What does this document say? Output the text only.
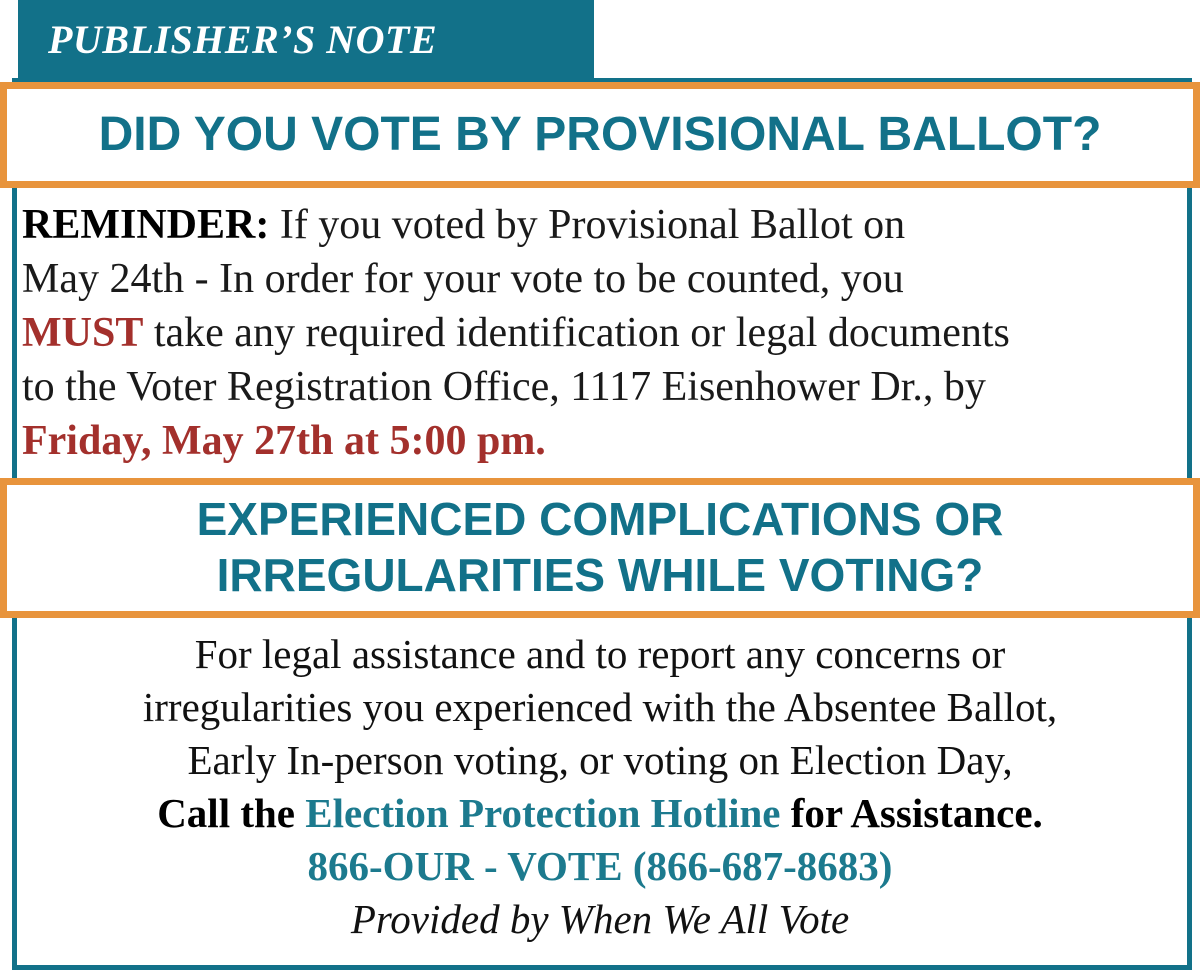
PUBLISHER’S NOTE
DID YOU VOTE BY PROVISIONAL BALLOT?
REMINDER: If you voted by Provisional Ballot on
May 24th - In order for your vote to be counted, you
MUST take any required identification or legal documents
to the Voter Registration Office, 1117 Eisenhower Dr., by
Friday, May 27th at 5:00 pm.
EXPERIENCED COMPLICATIONS OR
IRREGULARITIES WHILE VOTING?
For legal assistance and to report any concerns or
irregularities you experienced with the Absentee Ballot,
Early In-person voting, or voting on Election Day,
Call the Election Protection Hotline for Assistance.
866-OUR - VOTE (866-687-8683)
Provided by When We All Vote
